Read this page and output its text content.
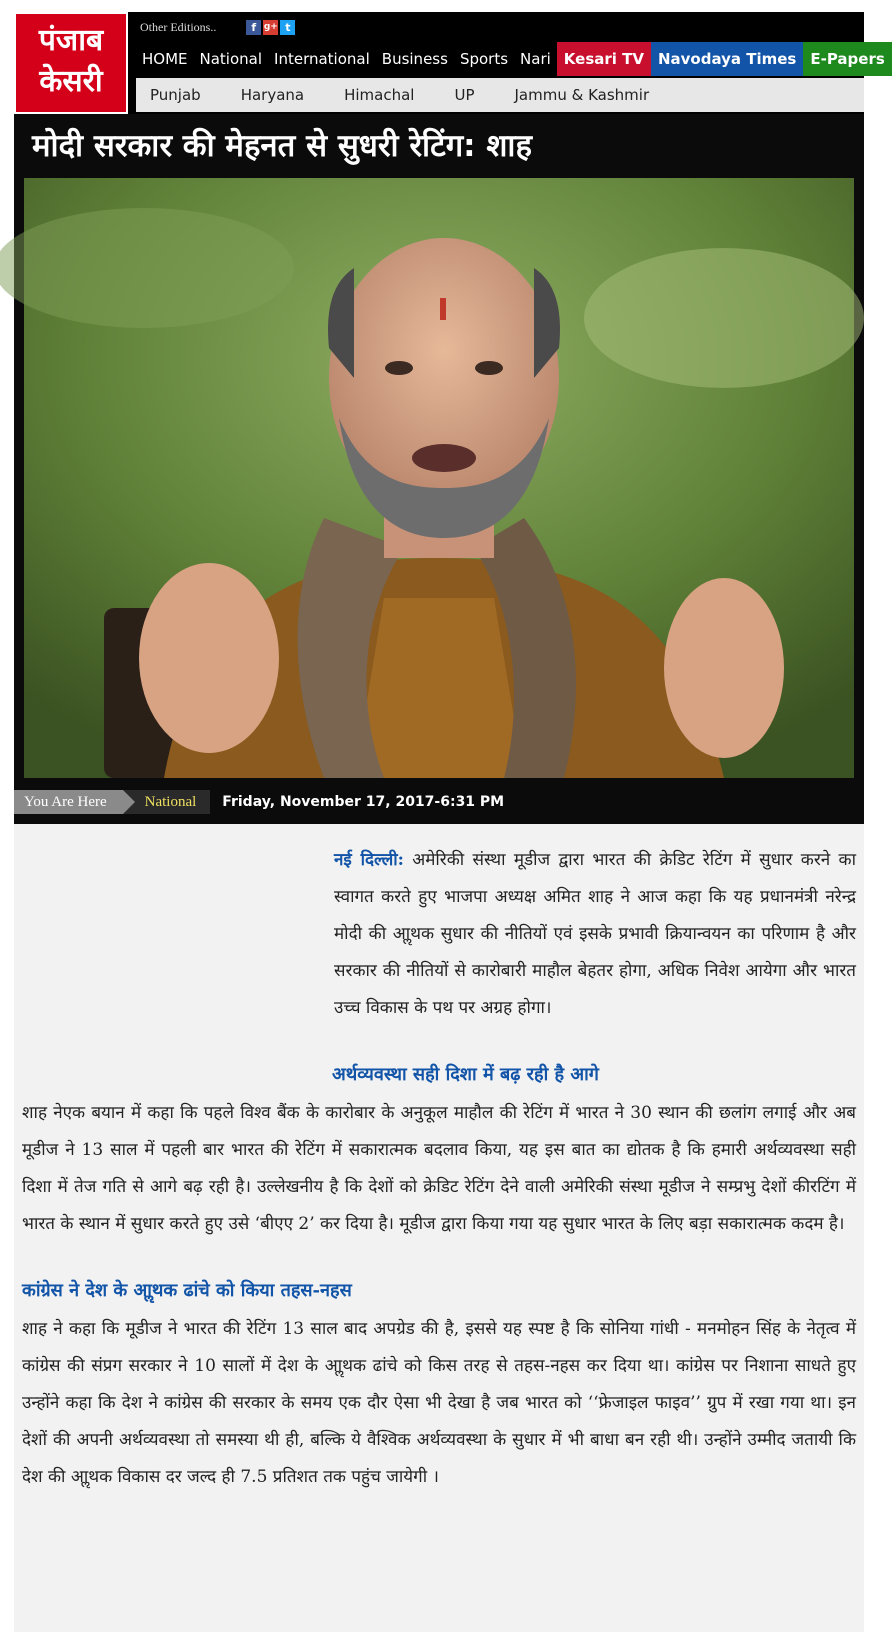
पंजाब
केसरी
Other Editions..	f g+ t
HOME National International Business Sports Nari Kesari TV Navodaya Times E-Papers
Punjab	Haryana	Himachal	UP	Jammu & Kashmir
मोदी सरकार की मेहनत से सुधरी रेटिंग: शाह
You Are Here	National	Friday, November 17, 2017-6:31 PM

नई दिल्ली: अमेरिकी संस्था मूडीज द्वारा भारत की क्रेडिट रेटिंग में सुधार करने का स्वागत करते हुए भाजपा अध्यक्ष अमित शाह ने आज कहा कि यह प्रधानमंत्री नरेन्द्र मोदी की आॢथक सुधार की नीतियों एवं इसके प्रभावी क्रियान्वयन का परिणाम है और सरकार की नीतियों से कारोबारी माहौल बेहतर होगा, अधिक निवेश आयेगा और भारत उच्च विकास के पथ पर अग्रह होगा।

अर्थव्यवस्था सही दिशा में बढ़ रही है आगे

शाह नेएक बयान में कहा कि पहले विश्व बैंक के कारोबार के अनुकूल माहौल की रेटिंग में भारत ने 30 स्थान की छलांग लगाई और अब मूडीज ने 13 साल में पहली बार भारत की रेटिंग में सकारात्मक बदलाव किया, यह इस बात का द्योतक है कि हमारी अर्थव्यवस्था सही दिशा में तेज गति से आगे बढ़ रही है। उल्लेखनीय है कि देशों को क्रेडिट रेटिंग देने वाली अमेरिकी संस्था मूडीज ने सम्प्रभु देशों कीरटिंग में भारत के स्थान में सुधार करते हुए उसे ‘बीएए 2’ कर दिया है। मूडीज द्वारा किया गया यह सुधार भारत के लिए बड़ा सकारात्मक कदम है।

कांग्रेस ने देश के आॢथक ढांचे को किया तहस-नहस

शाह ने कहा कि मूडीज ने भारत की रेटिंग 13 साल बाद अपग्रेड की है, इससे यह स्पष्ट है कि सोनिया गांधी - मनमोहन सिंह के नेतृत्व में कांग्रेस की संप्रग सरकार ने 10 सालों में देश के आॢथक ढांचे को किस तरह से तहस-नहस कर दिया था। कांग्रेस पर निशाना साधते हुए उन्होंने कहा कि देश ने कांग्रेस की सरकार के समय एक दौर ऐसा भी देखा है जब भारत को ‘‘फ्रेजाइल फाइव’’ ग्रुप में रखा गया था। इन देशों की अपनी अर्थव्यवस्था तो समस्या थी ही, बल्कि ये वैश्विक अर्थव्यवस्था के सुधार में भी बाधा बन रही थी। उन्होंने उम्मीद जतायी कि देश की आॢथक विकास दर जल्द ही 7.5 प्रतिशत तक पहुंच जायेगी ।
